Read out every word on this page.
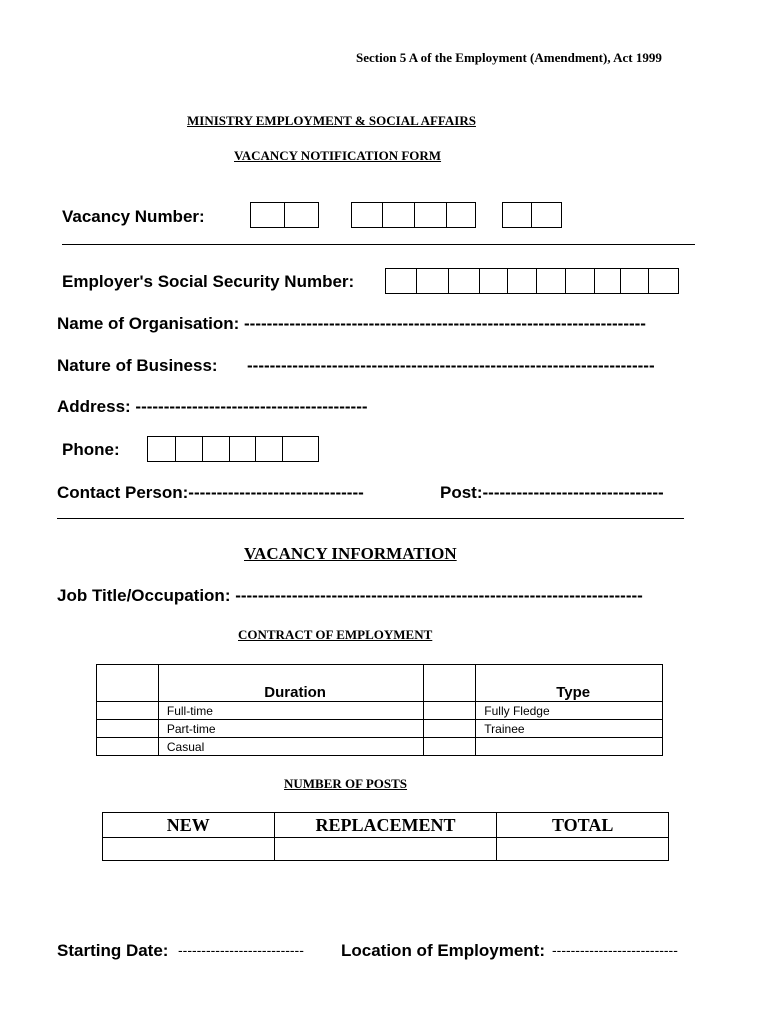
Section 5 A of the Employment (Amendment), Act 1999
MINISTRY EMPLOYMENT & SOCIAL AFFAIRS
VACANCY NOTIFICATION FORM
Vacancy Number:
Employer's Social Security Number:
Name of Organisation: -----------------------------------------------------------------------
Nature of Business: ------------------------------------------------------------------------
Address: -----------------------------------------
Phone:
Contact Person:-------------------------------	Post:--------------------------------
VACANCY INFORMATION
Job Title/Occupation: ------------------------------------------------------------------------
CONTRACT OF EMPLOYMENT
	Duration		Type
	Full-time		Fully Fledge
	Part-time		Trainee
	Casual		
NUMBER OF POSTS
NEW	REPLACEMENT	TOTAL

Starting Date: --------------------------- Location of Employment: ---------------------------
